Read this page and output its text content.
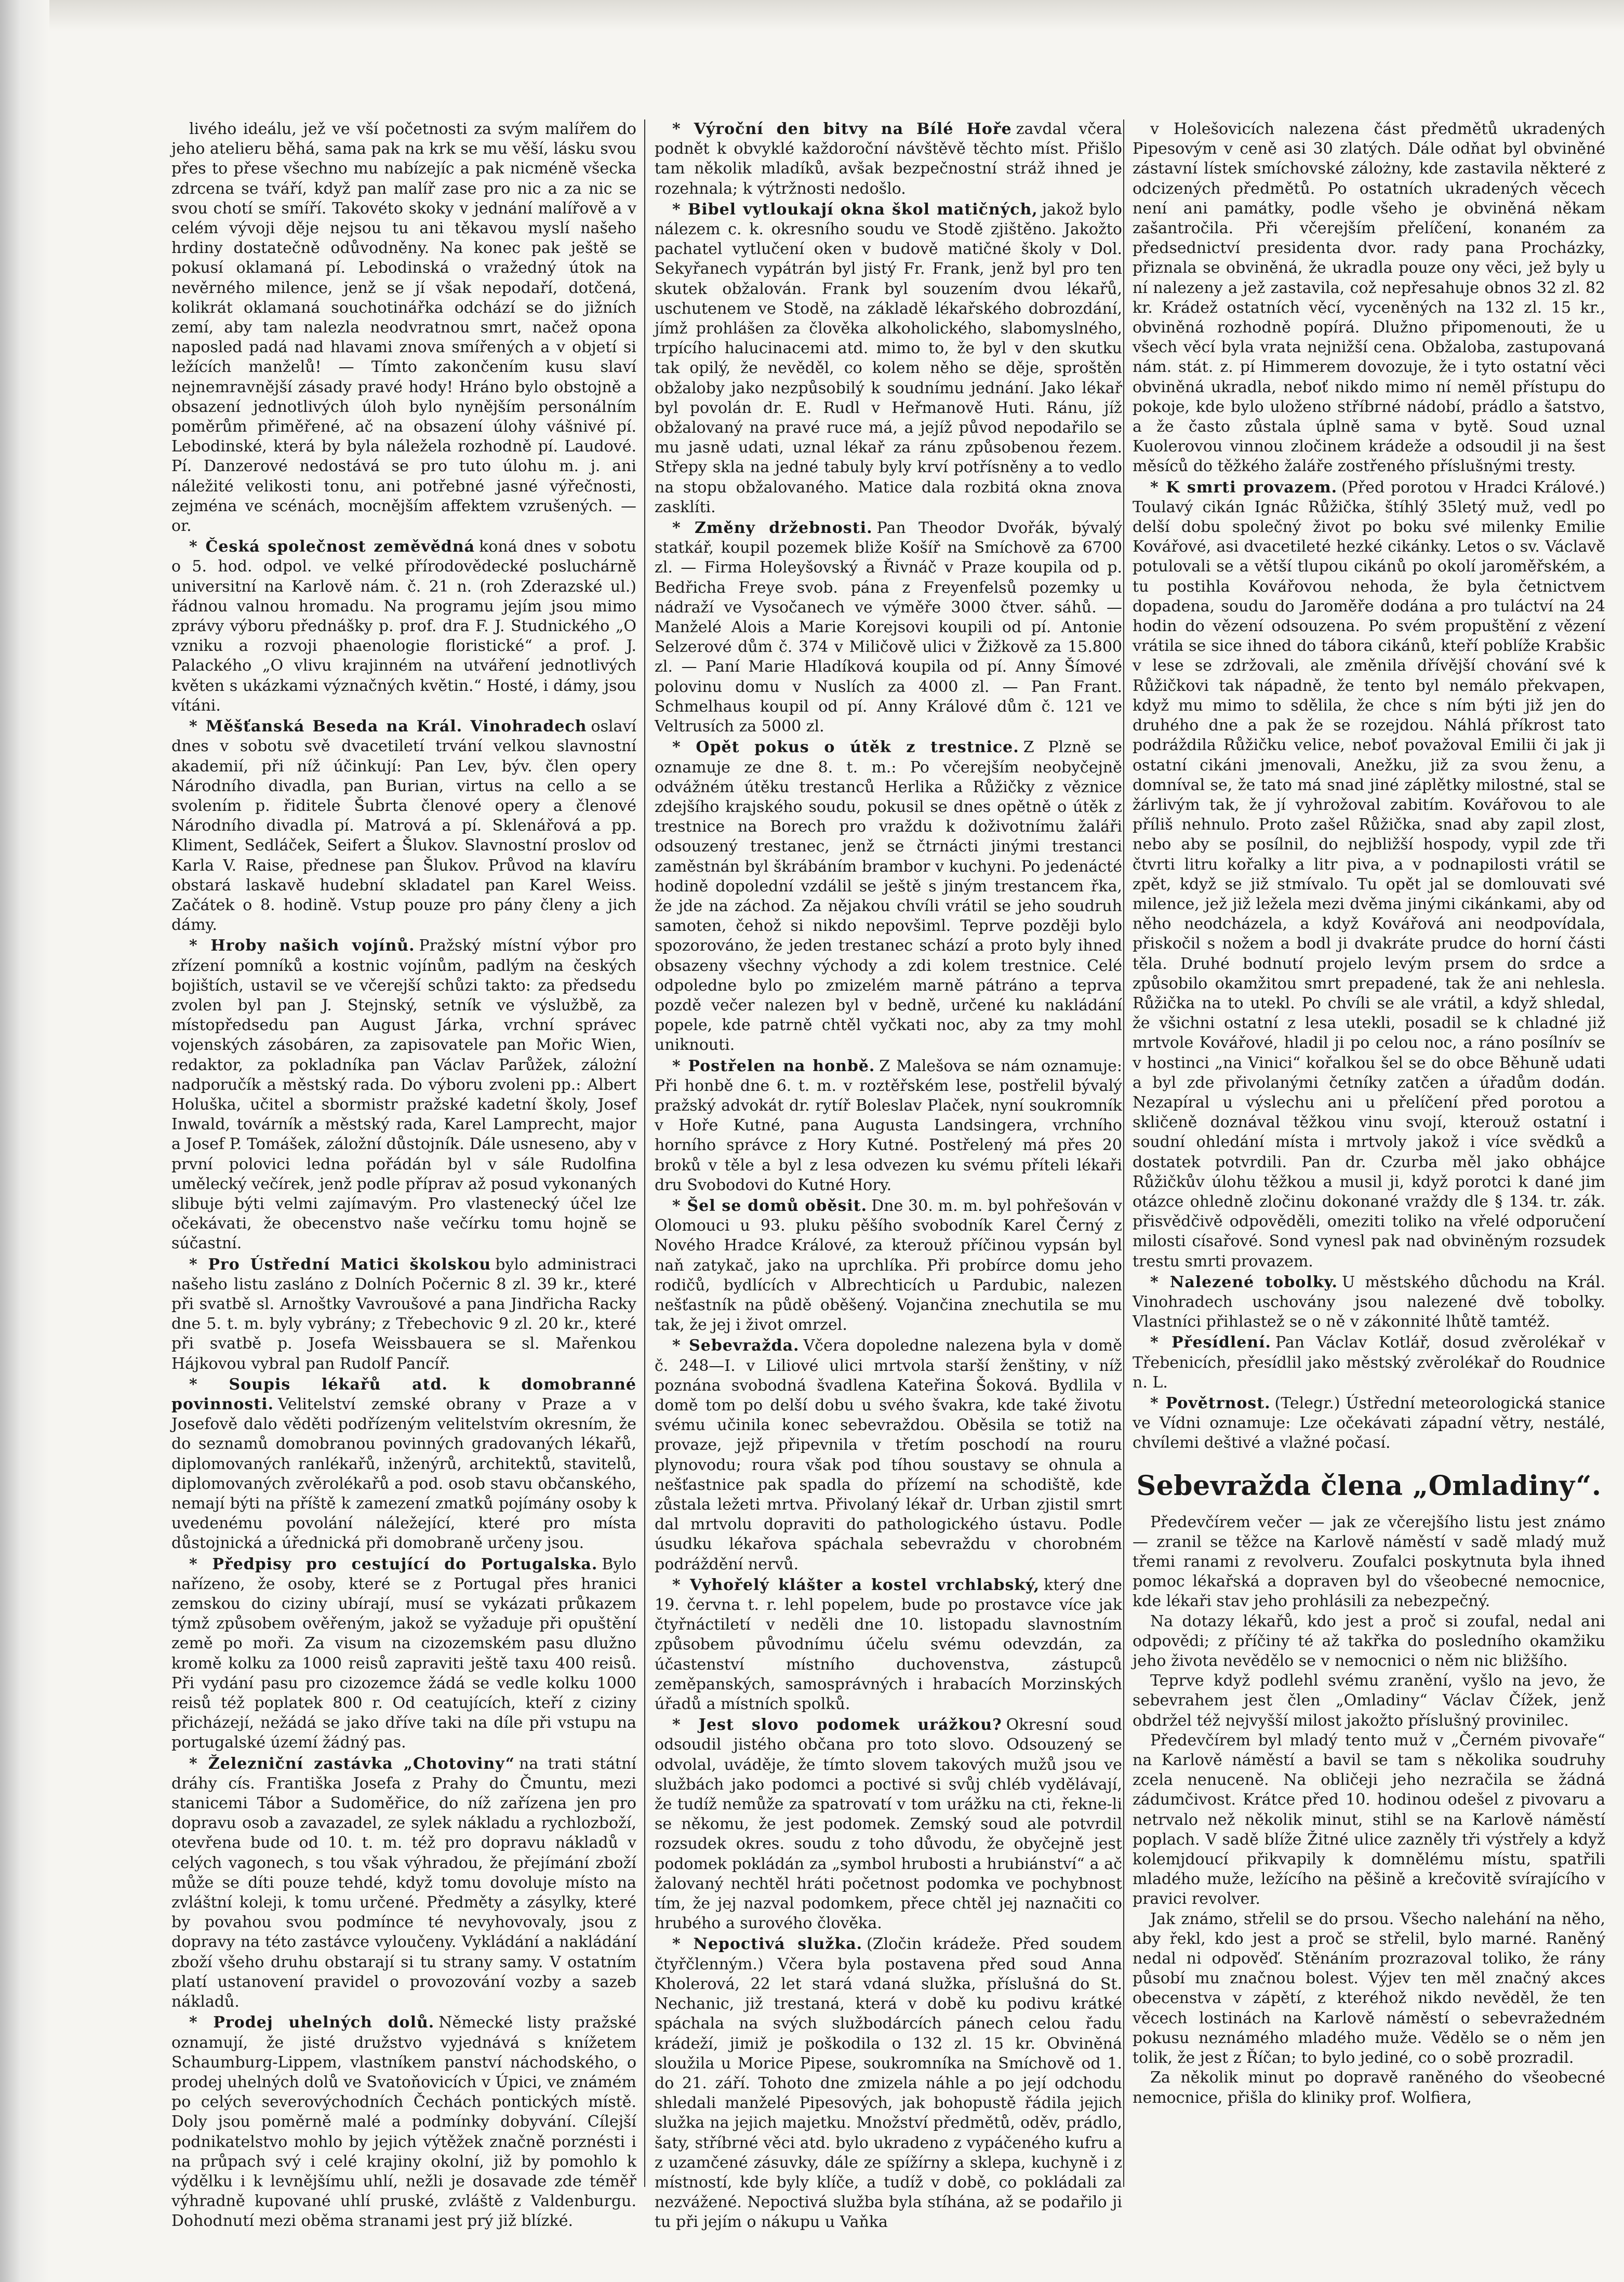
livého ideálu, jež ve vší početnosti za svým malířem do jeho atelieru běhá, sama pak na krk se mu věší, lásku svou přes to přese všechno mu nabízejíc a pak nicméně všecka zdrcena se tváří, když pan malíř zase pro nic a za nic se svou chotí se smíří. Takovéto skoky v jednání malířově a v celém vývoji děje nejsou tu ani těkavou myslí našeho hrdiny dostatečně odůvodněny. Na konec pak ještě se pokusí oklamaná pí. Lebodinská o vražedný útok na nevěrného milence, jenž se jí však nepodaří, dotčená, kolikrát oklamaná souchotinářka odchází se do jižních zemí, aby tam nalezla neodvratnou smrt, načež opona naposled padá nad hlavami znova smířených a v objetí si ležících manželů! — Tímto zakončením kusu slaví nejnemravnější zásady pravé hody! Hráno bylo obstojně a obsazení jednotlivých úloh bylo nynějším personálním poměrům přiměřené, ač na obsazení úlohy vášnivé pí. Lebodinské, která by byla náležela rozhodně pí. Laudové. Pí. Danzerové nedostává se pro tuto úlohu m. j. ani náležité velikosti tonu, ani potřebné jasné výřečnosti, zejména ve scénách, mocnějším affektem vzrušených. —or.

* Česká společnost zeměvědná koná dnes v sobotu o 5. hod. odpol. ve velké přírodovědecké posluchárně universitní na Karlově nám. č. 21 n. (roh Zderazské ul.) řádnou valnou hromadu. Na programu jejím jsou mimo zprávy výboru přednášky p. prof. dra F. J. Studnického „O vzniku a rozvoji phaenologie floristické“ a prof. J. Palackého „O vlivu krajinném na utváření jednotlivých květen s ukázkami význačných květin.“ Hosté, i dámy, jsou vítáni.

* Měšťanská Beseda na Král. Vinohradech oslaví dnes v sobotu svě dvacetiletí trvání velkou slavnostní akademií, při níž účinkují: Pan Lev, býv. člen opery Národního divadla, pan Burian, virtus na cello a se svolením p. řiditele Šubrta členové opery a členové Národního divadla pí. Matrová a pí. Sklenářová a pp. Kliment, Sedláček, Seifert a Šlukov. Slavnostní proslov od Karla V. Raise, přednese pan Šlukov. Průvod na klavíru obstará laskavě hudební skladatel pan Karel Weiss. Začátek o 8. hodině. Vstup pouze pro pány členy a jich dámy.

* Hroby našich vojínů. Pražský místní výbor pro zřízení pomníků a kostnic vojínům, padlým na českých bojištích, ustavil se ve včerejší schůzi takto: za předsedu zvolen byl pan J. Stejnský, setník ve výslužbě, za místopředsedu pan August Járka, vrchní správec vojenských zásobáren, za zapisovatele pan Mořic Wien, redaktor, za pokladníka pan Václav Parůžek, zálożní nadporučík a městský rada. Do výboru zvoleni pp.: Albert Holuška, učitel a sbormistr pražské kadetní školy, Josef Inwald, továrník a městský rada, Karel Lamprecht, major a Josef P. Tomášek, záložní důstojník. Dále usneseno, aby v první polovici ledna pořádán byl v sále Rudolfina umělecký večírek, jenž podle příprav až posud vykonaných slibuje býti velmi zajímavým. Pro vlastenecký účel lze očekávati, že obecenstvo naše večírku tomu hojně se súčastní.

* Pro Ústřední Matici školskou bylo administraci našeho listu zasláno z Dolních Počernic 8 zl. 39 kr., které při svatbě sl. Arnoštky Vavroušové a pana Jindřicha Racky dne 5. t. m. byly vybrány; z Třebechovic 9 zl. 20 kr., které při svatbě p. Josefa Weissbauera se sl. Mařenkou Hájkovou vybral pan Rudolf Pancíř.

* Soupis lékařů atd. k domobranné povinnosti. Velitelství zemské obrany v Praze a v Josefově dalo věděti podřízeným velitelstvím okresním, že do seznamů domobranou povinných gradovaných lékařů, diplomovaných ranlékařů, inženýrů, architektů, stavitelů, diplomovaných zvěrolékařů a pod. osob stavu občanského, nemají býti na příště k zamezení zmatků pojímány osoby k uvedenému povolání náležející, které pro místa důstojnická a úřednická při domobraně určeny jsou.

* Předpisy pro cestující do Portugalska. Bylo nařízeno, že osoby, které se z Portugal přes hranici zemskou do ciziny ubírají, musí se vykázati průkazem týmž způsobem ověřeným, jakož se vyžaduje při opuštění země po moři. Za visum na cizozemském pasu dlužno kromě kolku za 1000 reisů zapraviti ještě taxu 400 reisů. Při vydání pasu pro cizozemce žádá se vedle kolku 1000 reisů též poplatek 800 r. Od ceatujících, kteří z ciziny přicházejí, nežádá se jako dříve taki na díle při vstupu na portugalské území žádný pas.

* Železniční zastávka „Chotoviny“ na trati státní dráhy cís. Františka Josefa z Prahy do Čmuntu, mezi stanicemi Tábor a Sudoměřice, do níž zařízena jen pro dopravu osob a zavazadel, ze sylek nákladu a rychlozboží, otevřena bude od 10. t. m. též pro dopravu nákladů v celých vagonech, s tou však výhradou, že přejímání zboží může se díti pouze tehdé, když tomu dovoluje místo na zvláštní koleji, k tomu určené. Předměty a zásylky, které by povahou svou podmínce té nevyhovovaly, jsou z dopravy na této zastávce vyloučeny. Vykládání a nakládání zboží všeho druhu obstarají si tu strany samy. V ostatním platí ustanovení pravidel o provozování vozby a sazeb nákladů.

* Prodej uhelných dolů. Německé listy pražské oznamují, že jisté družstvo vyjednává s knížetem Schaumburg-Lippem, vlastníkem panství náchodského, o prodej uhelných dolů ve Svatoňovicích v Úpici, ve známém po celých severovýchodních Čechách pontických místě. Doly jsou poměrně malé a podmínky dobyvání. Cílejší podnikatelstvo mohlo by jejich výtěžek značně porznésti i na průpach svý i celé krajiny okolní, již by pomohlo k výdělku i k levnějšímu uhlí, nežli je dosavade zde téměř výhradně kupované uhlí pruské, zvláště z Valdenburgu. Dohodnutí mezi oběma stranami jest prý již blízké.

* Výroční den bitvy na Bílé Hoře zavdal včera podnět k obvyklé každoroční návštěvě těchto míst. Přišlo tam několik mladíků, avšak bezpečnostní stráž ihned je rozehnala; k výtržnosti nedošlo.

* Bibel vytloukají okna škol matičných, jakož bylo nálezem c. k. okresního soudu ve Stodě zjištěno. Jakožto pachatel vytlučení oken v budově matičné školy v Dol. Sekyřanech vypátrán byl jistý Fr. Frank, jenž byl pro ten skutek obžalován. Frank byl souzením dvou lékařů, uschutenem ve Stodě, na základě lékařského dobrozdání, jímž prohlášen za člověka alkoholického, slabomyslného, trpícího halucinacemi atd. mimo to, že byl v den skutku tak opilý, že nevěděl, co kolem něho se děje, sproštěn obžaloby jako nezpůsobilý k soudnímu jednání. Jako lékař byl povolán dr. E. Rudl v Heřmanově Huti. Ránu, jíž obžalovaný na pravé ruce má, a jejíž původ nepodařilo se mu jasně udati, uznal lékař za ránu způsobenou řezem. Střepy skla na jedné tabuly byly krví potřísněny a to vedlo na stopu obžalovaného. Matice dala rozbitá okna znova zasklíti.

* Změny držebnosti. Pan Theodor Dvořák, bývalý statkář, koupil pozemek bliže Košíř na Smíchově za 6700 zl. — Firma Holeyšovský a Řivnáč v Praze koupila od p. Bedřicha Freye svob. pána z Freyenfelsů pozemky u nádraží ve Vysočanech ve výměře 3000 čtver. sáhů. — Manželé Alois a Marie Korejsovi koupili od pí. Antonie Selzerové dům č. 374 v Miličově ulici v Žižkově za 15.800 zl. — Paní Marie Hladíková koupila od pí. Anny Šímové polovinu domu v Nuslích za 4000 zl. — Pan Frant. Schmelhaus koupil od pí. Anny Králové dům č. 121 ve Veltrusích za 5000 zl.

* Opět pokus o útěk z trestnice. Z Plzně se oznamuje ze dne 8. t. m.: Po včerejším neobyčejně odvážném útěku trestanců Herlika a Růžičky z věznice zdejšího krajského soudu, pokusil se dnes opětně o útěk z trestnice na Borech pro vraždu k doživotnímu žaláři odsouzený trestanec, jenž se čtrnácti jinými trestanci zaměstnán byl škrábáním brambor v kuchyni. Po jedenácté hodině dopolední vzdálil se ještě s jiným trestancem řka, že jde na záchod. Za nějakou chvíli vrátil se jeho soudruh samoten, čehož si nikdo nepovšiml. Teprve později bylo spozorováno, že jeden trestanec schází a proto byly ihned obsazeny všechny východy a zdi kolem trestnice. Celé odpoledne bylo po zmizelém marně pátráno a teprva pozdě večer nalezen byl v bedně, určené ku nakládání popele, kde patrně chtěl vyčkati noc, aby za tmy mohl uniknouti.

* Postřelen na honbě. Z Malešova se nám oznamuje: Při honbě dne 6. t. m. v roztěřském lese, postřelil bývalý pražský advokát dr. rytíř Boleslav Plaček, nyní soukromník v Hoře Kutné, pana Augusta Landsingera, vrchního horního správce z Hory Kutné. Postřelený má přes 20 broků v těle a byl z lesa odvezen ku svému příteli lékaři dru Svobodovi do Kutné Hory.

* Šel se domů oběsit. Dne 30. m. m. byl pohřešován v Olomouci u 93. pluku pěšího svobodník Karel Černý z Nového Hradce Králové, za kterouž příčinou vypsán byl naň zatykač, jako na uprchlíka. Při probírce domu jeho rodičů, bydlících v Albrechticích u Pardubic, nalezen nešťastník na půdě oběšený. Vojančina znechutila se mu tak, že jej i život omrzel.

* Sebevražda. Včera dopoledne nalezena byla v domě č. 248—I. v Liliové ulici mrtvola starší ženštiny, v níž poznána svobodná švadlena Kateřina Šoková. Bydlila v domě tom po delší dobu u svého švakra, kde také životu svému učinila konec sebevraždou. Oběsila se totiž na provaze, jejž připevnila v třetím poschodí na rouru plynovodu; roura však pod tíhou soustavy se ohnula a nešťastnice pak spadla do přízemí na schodiště, kde zůstala ležeti mrtva. Přivolaný lékař dr. Urban zjistil smrt dal mrtvolu dopraviti do pathologického ústavu. Podle úsudku lékařova spáchala sebevraždu v chorobném podráždění nervů.

* Vyhořelý klášter a kostel vrchlabský, který dne 19. června t. r. lehl popelem, bude po prostavce více jak čtyřnáctiletí v neděli dne 10. listopadu slavnostním způsobem původnímu účelu svému odevzdán, za účastenství místního duchovenstva, zástupců zeměpanských, samosprávných i hrabacích Morzinských úřadů a místních spolků.

* Jest slovo podomek urážkou? Okresní soud odsoudil jistého občana pro toto slovo. Odsouzený se odvolal, uváděje, že tímto slovem takových mužů jsou ve službách jako podomci a poctivé si svůj chléb vydělávají, že tudíž nemůže za spatrovatí v tom urážku na cti, řekne-li se někomu, že jest podomek. Zemský soud ale potvrdil rozsudek okres. soudu z toho důvodu, že obyčejně jest podomek pokládán za „symbol hrubosti a hrubiánství“ a ač žalovaný nechtěl hráti početnost podomka ve pochybnost tím, že jej nazval podomkem, přece chtěl jej naznačiti co hrubého a surového člověka.

* Nepoctivá služka. (Zločin krádeže. Před soudem čtyřčlenným.) Včera byla postavena před soud Anna Kholerová, 22 let stará vdaná služka, příslušná do St. Nechanic, již trestaná, která v době ku podivu krátké spáchala na svých službodárcích pánech celou řadu krádeží, jimiž je poškodila o 132 zl. 15 kr. Obviněná sloužila u Morice Pipese, soukromníka na Smíchově od 1. do 21. září. Tohoto dne zmizela náhle a po její odchodu shledali manželé Pipesových, jak bohopustě řádila jejich služka na jejich majetku. Množství předmětů, oděv, prádlo, šaty, stříbrné věci atd. bylo ukradeno z vypáčeného kufru a z uzamčené zásuvky, dále ze spížírny a sklepa, kuchyně i z místností, kde byly klíče, a tudíž v době, co pokládali za nezvážené. Nepoctivá služba byla stíhána, až se podařilo ji tu při jejím o nákupu u Vaňka

v Holešovicích nalezena část předmětů ukradených Pipesovým v ceně asi 30 zlatých. Dále odňat byl obviněné zástavní lístek smíchovské zálożny, kde zastavila některé z odcizených předmětů. Po ostatních ukradených věcech není ani památky, podle všeho je obviněná někam zašantročila. Při včerejším přelíčení, konaném za předsednictví presidenta dvor. rady pana Procházky, přiznala se obviněná, že ukradla pouze ony věci, jež byly u ní nalezeny a jež zastavila, což nepřesahuje obnos 32 zl. 82 kr. Krádež ostatních věcí, vyceněných na 132 zl. 15 kr., obviněná rozhodně popírá. Dlužno připomenouti, že u všech věcí byla vrata nejnižší cena. Obžaloba, zastupovaná nám. stát. z. pí Himmerem dovozuje, že i tyto ostatní věci obviněná ukradla, neboť nikdo mimo ní neměl přístupu do pokoje, kde bylo uloženo stříbrné nádobí, prádlo a šatstvo, a že často zůstala úplně sama v bytě. Soud uznal Kuolerovou vinnou zločinem krádeže a odsoudil ji na šest měsíců do těžkého žaláře zostřeného příslušnými tresty.

* K smrti provazem. (Před porotou v Hradci Králové.) Toulavý cikán Ignác Růžička, štíhlý 35letý muž, vedl po delší dobu společný život po boku své milenky Emilie Kovářové, asi dvacetileté hezké cikánky. Letos o sv. Václavě potulovali se a větší tlupou cikánů po okolí jaroměřském, a tu postihla Kovářovou nehoda, že byla četnictvem dopadena, soudu do Jaroměře dodána a pro tuláctví na 24 hodin do vězení odsouzena. Po svém propuštění z vězení vrátila se sice ihned do tábora cikánů, kteří poblíže Krabšic v lese se zdržovali, ale změnila dřívější chování své k Růžičkovi tak nápadně, že tento byl nemálo překvapen, když mu mimo to sdělila, že chce s ním býti již jen do druhého dne a pak že se rozejdou. Náhlá příkrost tato podráždila Růžičku velice, neboť považoval Emilii či jak ji ostatní cikáni jmenovali, Anežku, již za svou ženu, a domníval se, že tato má snad jiné záplětky milostné, stal se žárlivým tak, že jí vyhrožoval zabitím. Kovářovou to ale příliš nehnulo. Proto zašel Růžička, snad aby zapil zlost, nebo aby se posílnil, do nejbližší hospody, vypil zde tři čtvrti litru kořalky a litr piva, a v podnapilosti vrátil se zpět, když se již stmívalo. Tu opět jal se domlouvati své milence, jež již ležela mezi dvěma jinými cikánkami, aby od něho neodcházela, a když Kovářová ani neodpovídala, přiskočil s nožem a bodl ji dvakráte prudce do horní části těla. Druhé bodnutí projelo levým prsem do srdce a způsobilo okamžitou smrt prepadené, tak že ani nehlesla. Růžička na to utekl. Po chvíli se ale vrátil, a když shledal, že všichni ostatní z lesa utekli, posadil se k chladné již mrtvole Kovářové, hladil ji po celou noc, a ráno posílnív se v hostinci „na Vinici“ kořalkou šel se do obce Běhuně udati a byl zde přivolanými četníky zatčen a úřadům dodán. Nezapíral u výslechu ani u přelíčení před porotou a skličeně doznával těžkou vinu svojí, kterouž ostatní i soudní ohledání místa i mrtvoly jakož i více svědků a dostatek potvrdili. Pan dr. Czurba měl jako obhájce Růžičkův úlohu těžkou a musil ji, když porotci k dané jim otázce ohledně zločinu dokonané vraždy dle § 134. tr. zák. přisvědčivě odpověděli, omeziti toliko na vřelé odporučení milosti císařové. Sond vynesl pak nad obviněným rozsudek trestu smrti provazem.

* Nalezené tobolky. U městského důchodu na Král. Vinohradech uschovány jsou nalezené dvě tobolky. Vlastníci přihlastež se o ně v zákonnité lhůtě tamtéž.

* Přesídlení. Pan Václav Kotlář, dosud zvěrolékař v Třebenicích, přesídlil jako městský zvěrolékař do Roudnice n. L.

* Povětrnost. (Telegr.) Ústřední meteorologická stanice ve Vídni oznamuje: Lze očekávati západní větry, nestálé, chvílemi deštivé a vlažné počasí.

Sebevražda člena „Omladiny“.

Předevčírem večer — jak ze včerejšího listu jest známo — zranil se těžce na Karlově náměstí v sadě mladý muž třemi ranami z revolveru. Zoufalci poskytnuta byla ihned pomoc lékařská a dopraven byl do všeobecné nemocnice, kde lékaři stav jeho prohlásili za nebezpečný.

Na dotazy lékařů, kdo jest a proč si zoufal, nedal ani odpovědi; z příčiny té až takřka do posledního okamžiku jeho života nevědělo se v nemocnici o něm nic bližšího.

Teprve když podlehl svému zranění, vyšlo na jevo, že sebevrahem jest člen „Omladiny“ Václav Čížek, jenž obdržel též nejvyšší milost jakožto příslušný provinilec.

Předevčírem byl mladý tento muž v „Černém pivovaře“ na Karlově náměstí a bavil se tam s několika soudruhy zcela nenuceně. Na obličeji jeho nezračila se žádná zádumčivost. Krátce před 10. hodinou odešel z pivovaru a netrvalo než několik minut, stihl se na Karlově náměstí poplach. V sadě blíže Žitné ulice zazněly tři výstřely a když kolemjdoucí přikvapily k domnělému místu, spatřili mladého muže, ležícího na pěšině a krečovitě svírajícího v pravici revolver.

Jak známo, střelil se do prsou. Všecho nalehání na něho, aby řekl, kdo jest a proč se střelil, bylo marné. Raněný nedal ni odpověď. Stěnáním prozrazoval toliko, že rány působí mu značnou bolest. Výjev ten měl značný akces obecenstva v zápětí, z kteréhož nikdo nevěděl, že ten věcech lostinách na Karlově náměstí o sebevražedném pokusu neznámého mladého muže. Vědělo se o něm jen tolik, že jest z Říčan; to bylo jediné, co o sobě prozradil.

Za několik minut po dopravě raněného do všeobecné nemocnice, přišla do kliniky prof. Wolfiera,
